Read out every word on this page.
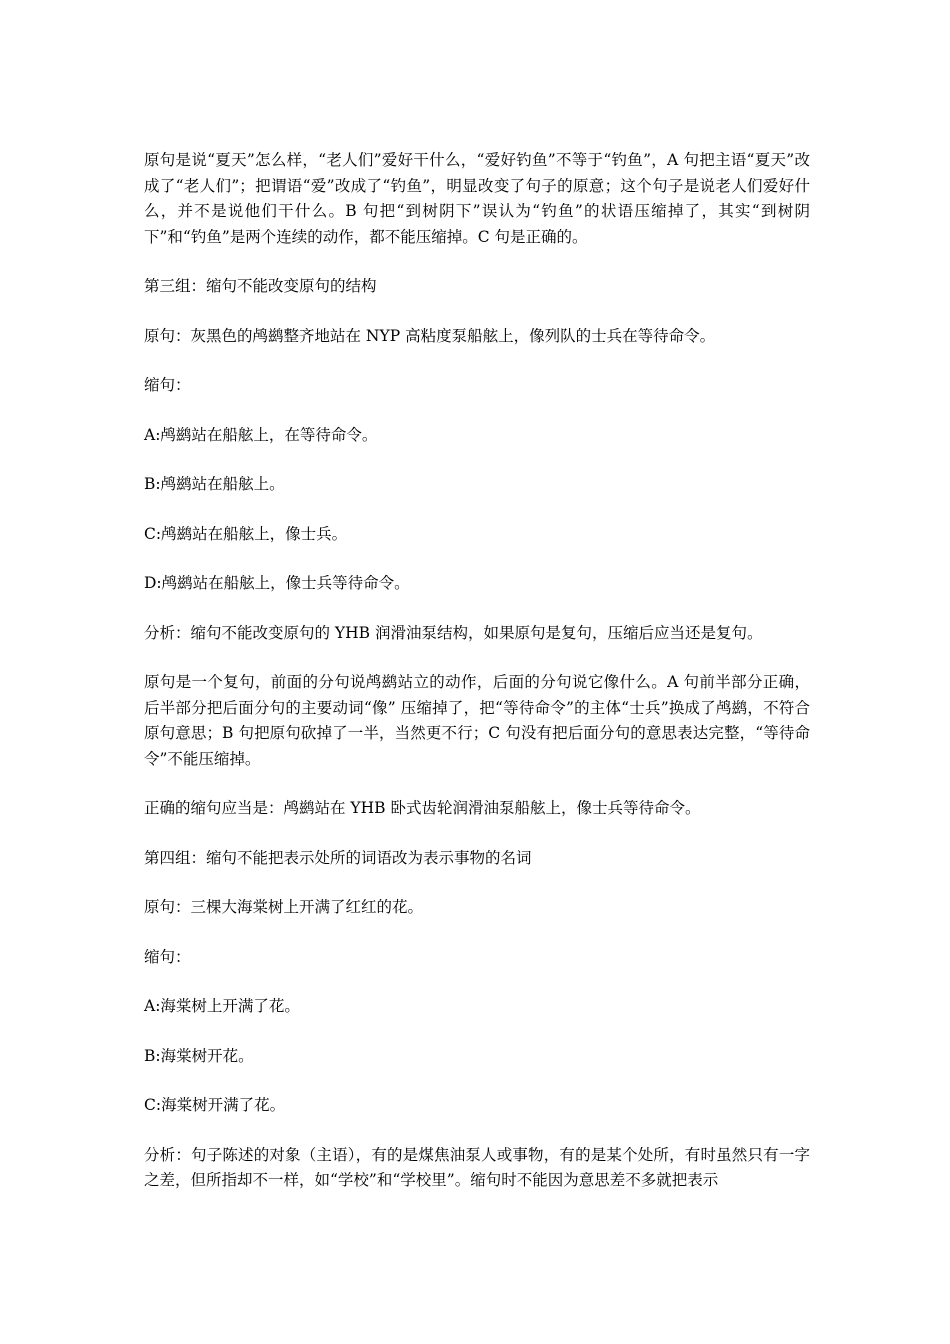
原句是说“夏天”怎么样，“老人们”爱好干什么，“爱好钓鱼”不等于“钓鱼”，A 句把主语“夏天”改成了“老人们”；把谓语“爱”改成了“钓鱼”，明显改变了句子的原意；这个句子是说老人们爱好什么，并不是说他们干什么。B 句把“到树阴下”误认为“钓鱼”的状语压缩掉了，其实“到树阴下”和“钓鱼”是两个连续的动作，都不能压缩掉。C 句是正确的。

第三组：缩句不能改变原句的结构

原句：灰黑色的鸬鹚整齐地站在 NYP 高粘度泵船舷上，像列队的士兵在等待命令。

缩句：

A:鸬鹚站在船舷上，在等待命令。

B:鸬鹚站在船舷上。

C:鸬鹚站在船舷上，像士兵。

D:鸬鹚站在船舷上，像士兵等待命令。

分析：缩句不能改变原句的 YHB 润滑油泵结构，如果原句是复句，压缩后应当还是复句。

原句是一个复句，前面的分句说鸬鹚站立的动作，后面的分句说它像什么。A 句前半部分正确，后半部分把后面分句的主要动词“像” 压缩掉了，把“等待命令”的主体“士兵”换成了鸬鹚，不符合原句意思；B 句把原句砍掉了一半，当然更不行；C 句没有把后面分句的意思表达完整，“等待命令”不能压缩掉。

正确的缩句应当是：鸬鹚站在 YHB 卧式齿轮润滑油泵船舷上，像士兵等待命令。

第四组：缩句不能把表示处所的词语改为表示事物的名词

原句：三棵大海棠树上开满了红红的花。

缩句：

A:海棠树上开满了花。

B:海棠树开花。

C:海棠树开满了花。

分析：句子陈述的对象（主语），有的是煤焦油泵人或事物，有的是某个处所，有时虽然只有一字之差，但所指却不一样，如“学校”和“学校里”。缩句时不能因为意思差不多就把表示
